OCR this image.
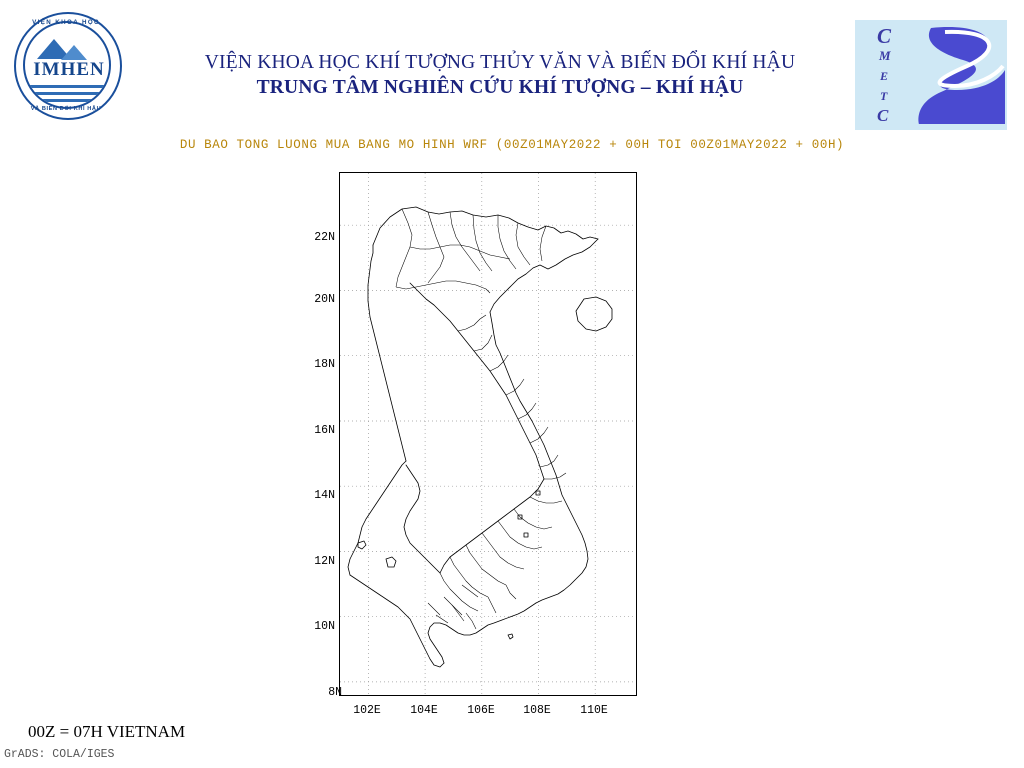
IMHEN
VIỆN KHOA HỌC
VÀ BIẾN ĐỔI KHÍ HẬU
VIỆN KHOA HỌC KHÍ TƯỢNG THỦY VĂN VÀ BIẾN ĐỔI KHÍ HẬU
TRUNG TÂM NGHIÊN CỨU KHÍ TƯỢNG – KHÍ HẬU
C
M
E
T
C
DU BAO TONG LUONG MUA BANG MO HINH WRF (00Z01MAY2022 + 00H TOI 00Z01MAY2022 + 00H)
22N
20N
18N
16N
14N
12N
10N
8N
102E	104E	106E	108E	110E
00Z = 07H VIETNAM
GrADS: COLA/IGES
